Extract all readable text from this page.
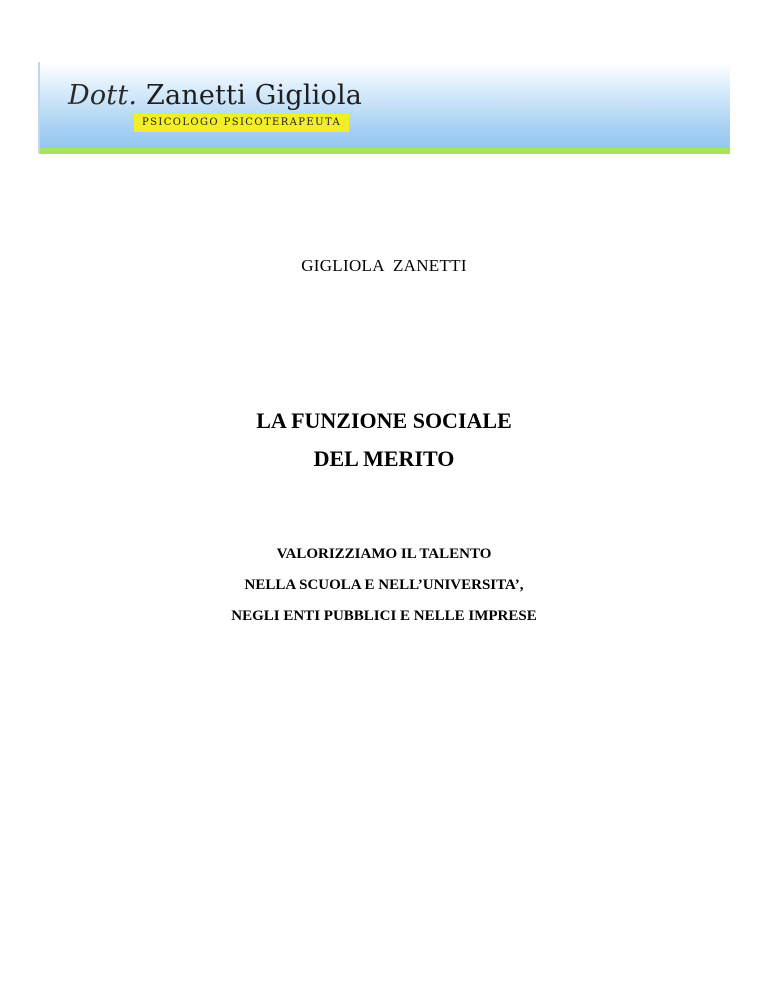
Dott. Zanetti Gigliola
PSICOLOGO PSICOTERAPEUTA
GIGLIOLA  ZANETTI
LA FUNZIONE SOCIALE
DEL MERITO
VALORIZZIAMO IL TALENTO
NELLA SCUOLA E NELL’UNIVERSITA’,
NEGLI ENTI PUBBLICI E NELLE IMPRESE
